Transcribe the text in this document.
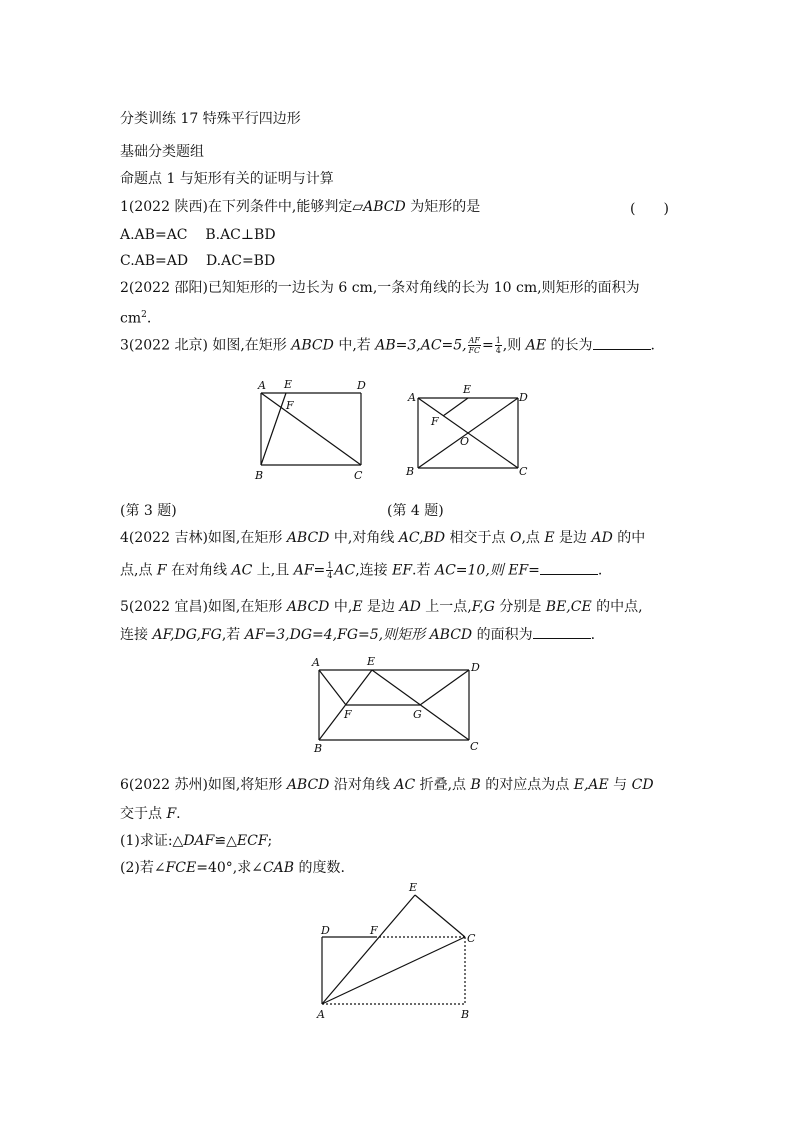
分类训练 17 特殊平行四边形
基础分类题组
命题点 1 与矩形有关的证明与计算
1(2022 陕西)在下列条件中,能够判定▱ABCD 为矩形的是	(　　)
A.AB=AC B.AC⊥BD
C.AB=AD D.AC=BD
2(2022 邵阳)已知矩形的一边长为 6 cm,一条对角线的长为 10 cm,则矩形的面积为
$cm^2$.
3(2022 北京) 如图,在矩形 ABCD 中,若 AB=3,AC=5, $\frac{AF}{FC} = \frac{1}{4}$ ,则 AE 的长为	.
A E
F
D
B	C
A
E
F
O
D
B	C
(第 3 题)	(第 4 题)
4(2022 吉林)如图,在矩形 ABCD 中,对角线 AC,BD 相交于点 O,点 E 是边 AD 的中
点,点 F 在对角线 AC 上,且 $AF= \frac{1}{4}$ AC,连接 EF.若 AC=10,则 EF=	.
5(2022 宜昌)如图,在矩形 ABCD 中,E 是边 AD 上一点,F,G 分别是 BE,CE 的中点,
连接 AF,DG,FG,若 AF=3,DG=4,FG=5,则矩形 ABCD 的面积为	.
A	E	D
F	G
B	C
6(2022 苏州)如图,将矩形 ABCD 沿对角线 AC 折叠,点 B 的对应点为点 E,AE 与 CD
交于点 F.
(1)求证:△DAF≌△ECF;
(2)若∠FCE=40°,求∠CAB 的度数.
E
D	F
C
A	B
